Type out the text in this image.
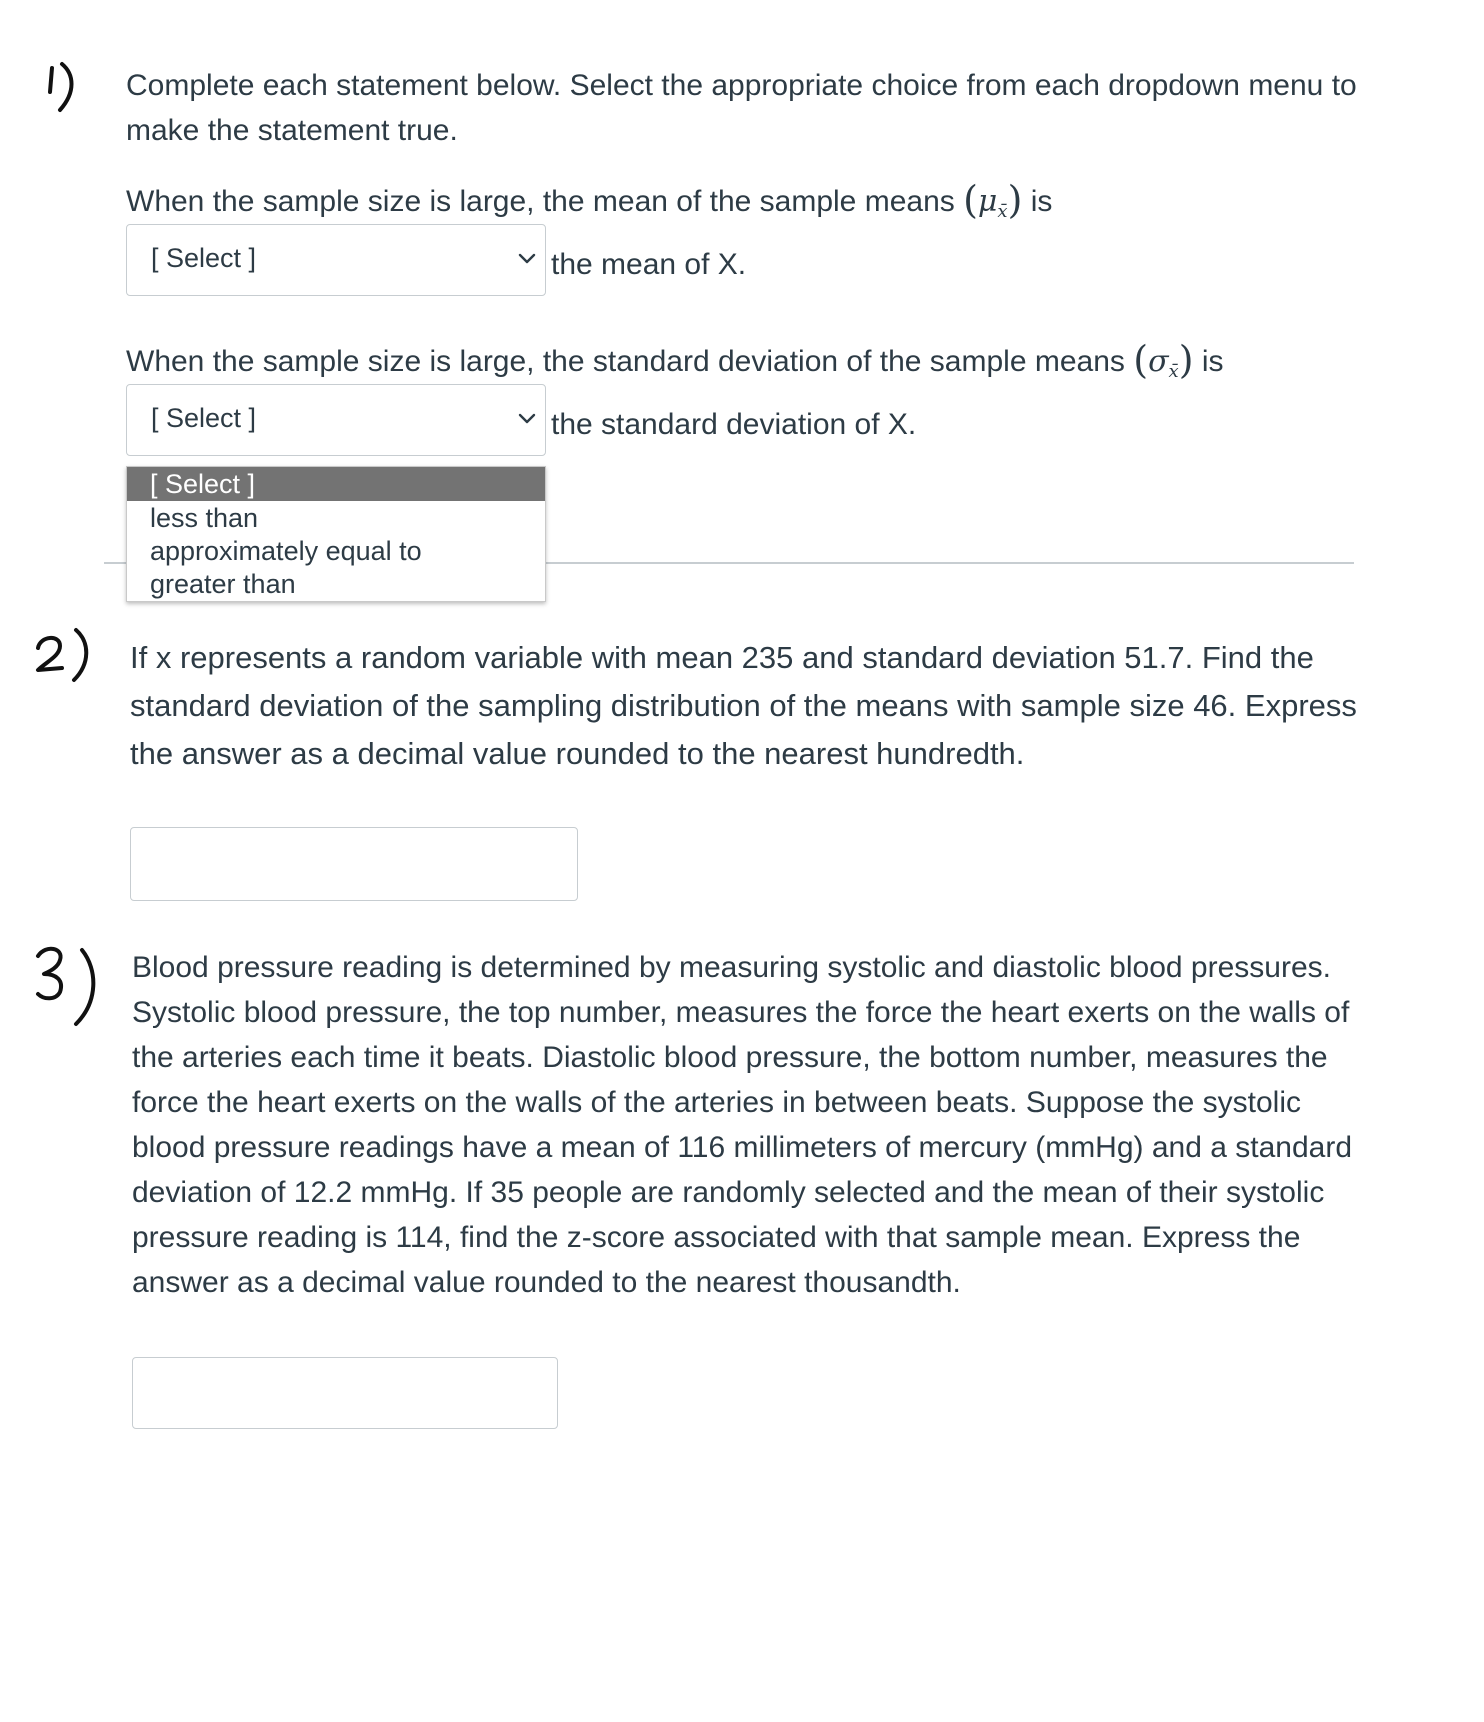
Complete each statement below. Select the appropriate choice from each dropdown menu to make the statement true.
When the sample size is large, the mean of the sample means $(\mu_{x̄})$ is
[ Select ]	the mean of X.
When the sample size is large, the standard deviation of the sample means $(\sigma_{x̄})$ is
[ Select ]	the standard deviation of X.
[ Select ]
less than
approximately equal to
greater than
If x represents a random variable with mean 235 and standard deviation 51.7. Find the standard deviation of the sampling distribution of the means with sample size 46. Express the answer as a decimal value rounded to the nearest hundredth.
Blood pressure reading is determined by measuring systolic and diastolic blood pressures. Systolic blood pressure, the top number, measures the force the heart exerts on the walls of the arteries each time it beats. Diastolic blood pressure, the bottom number, measures the force the heart exerts on the walls of the arteries in between beats. Suppose the systolic blood pressure readings have a mean of 116 millimeters of mercury (mmHg) and a standard deviation of 12.2 mmHg. If 35 people are randomly selected and the mean of their systolic pressure reading is 114, find the z-score associated with that sample mean. Express the answer as a decimal value rounded to the nearest thousandth.
